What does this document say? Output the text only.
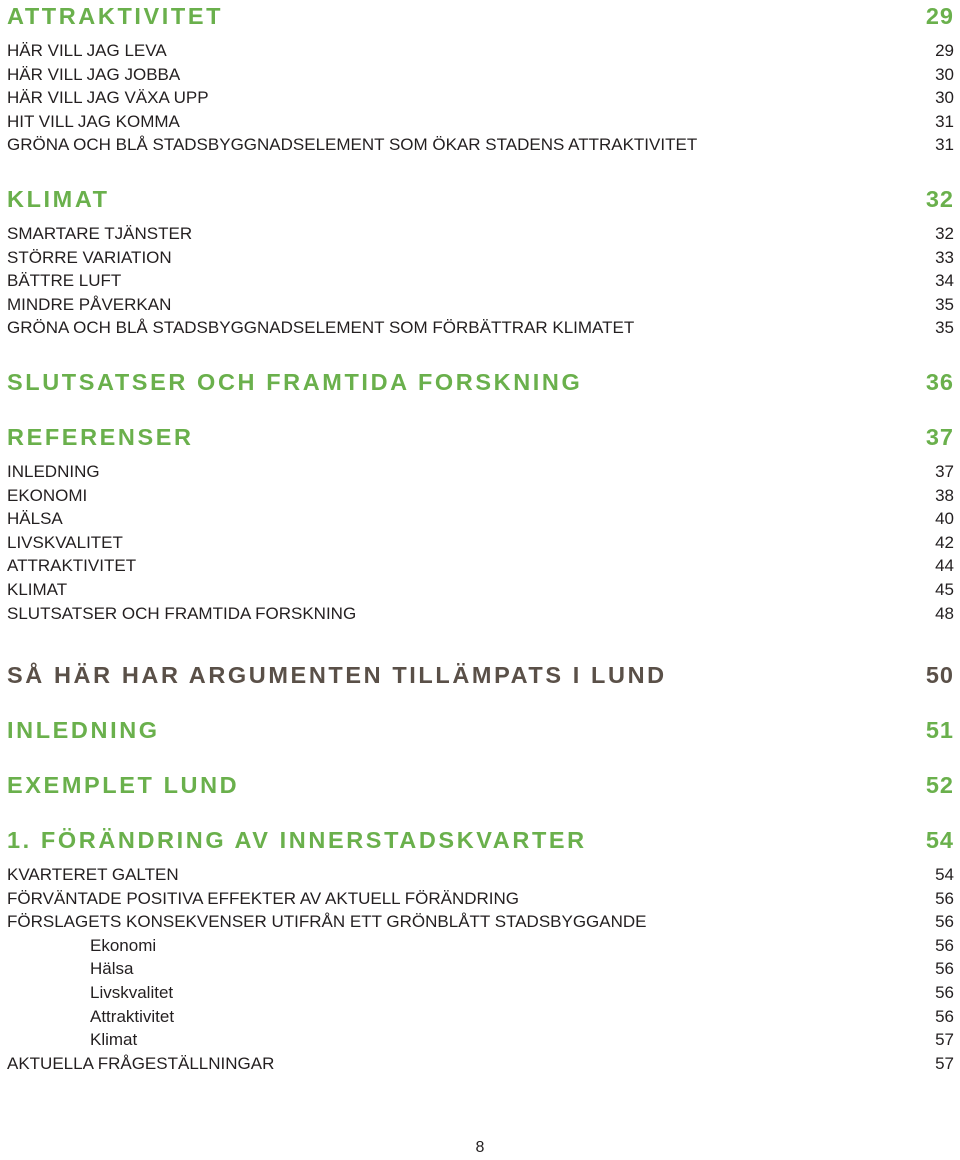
ATTRAKTIVITET	29
HÄR VILL JAG LEVA	29
HÄR VILL JAG JOBBA	30
HÄR VILL JAG VÄXA UPP	30
HIT VILL JAG KOMMA	31
GRÖNA OCH BLÅ STADSBYGGNADSELEMENT SOM ÖKAR STADENS ATTRAKTIVITET	31
KLIMAT	32
SMARTARE TJÄNSTER	32
STÖRRE VARIATION	33
BÄTTRE LUFT	34
MINDRE PÅVERKAN	35
GRÖNA OCH BLÅ STADSBYGGNADSELEMENT SOM FÖRBÄTTRAR KLIMATET	35
SLUTSATSER OCH FRAMTIDA FORSKNING	36
REFERENSER	37
INLEDNING	37
EKONOMI	38
HÄLSA	40
LIVSKVALITET	42
ATTRAKTIVITET	44
KLIMAT	45
SLUTSATSER OCH FRAMTIDA FORSKNING	48
SÅ HÄR HAR ARGUMENTEN TILLÄMPATS I LUND	50
INLEDNING	51
EXEMPLET LUND	52
1. FÖRÄNDRING AV INNERSTADSKVARTER	54
KVARTERET GALTEN	54
FÖRVÄNTADE POSITIVA EFFEKTER AV AKTUELL FÖRÄNDRING	56
FÖRSLAGETS KONSEKVENSER UTIFRÅN ETT GRÖNBLÅTT STADSBYGGANDE	56
Ekonomi	56
Hälsa	56
Livskvalitet	56
Attraktivitet	56
Klimat	57
AKTUELLA FRÅGESTÄLLNINGAR	57
8
